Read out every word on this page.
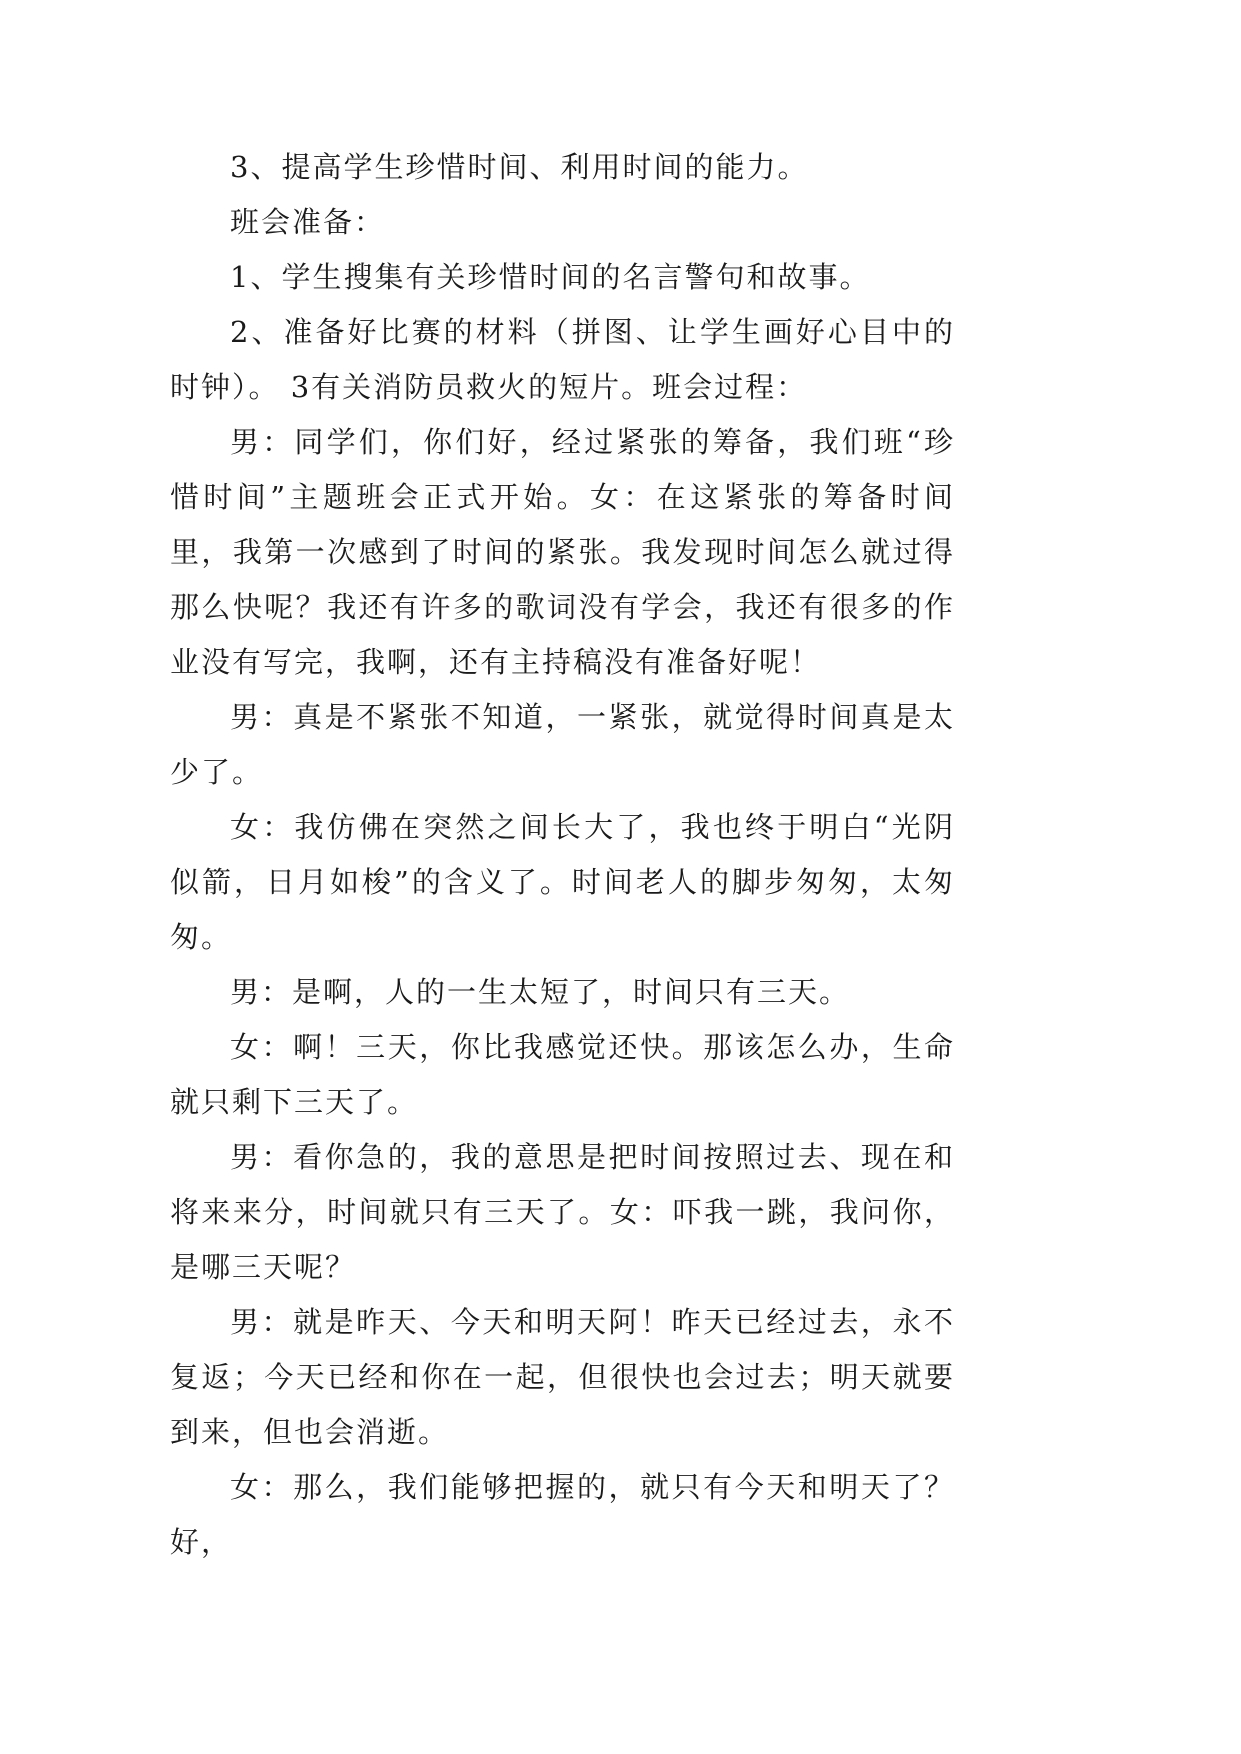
3、提高学生珍惜时间、利用时间的能力。

班会准备：

1、学生搜集有关珍惜时间的名言警句和故事。

2、准备好比赛的材料（拼图、让学生画好心目中的时钟）。 3有关消防员救火的短片。班会过程：

男：同学们，你们好，经过紧张的筹备，我们班“珍惜时间”主题班会正式开始。女：在这紧张的筹备时间里，我第一次感到了时间的紧张。我发现时间怎么就过得那么快呢？我还有许多的歌词没有学会，我还有很多的作业没有写完，我啊，还有主持稿没有准备好呢！

男：真是不紧张不知道，一紧张，就觉得时间真是太少了。

女：我仿佛在突然之间长大了，我也终于明白“光阴似箭，日月如梭”的含义了。时间老人的脚步匆匆，太匆匆。

男：是啊，人的一生太短了，时间只有三天。

女：啊！三天，你比我感觉还快。那该怎么办，生命就只剩下三天了。

男：看你急的，我的意思是把时间按照过去、现在和将来来分，时间就只有三天了。女：吓我一跳，我问你，是哪三天呢？

男：就是昨天、今天和明天阿！昨天已经过去，永不复返；今天已经和你在一起，但很快也会过去；明天就要到来，但也会消逝。

女：那么，我们能够把握的，就只有今天和明天了？好，
